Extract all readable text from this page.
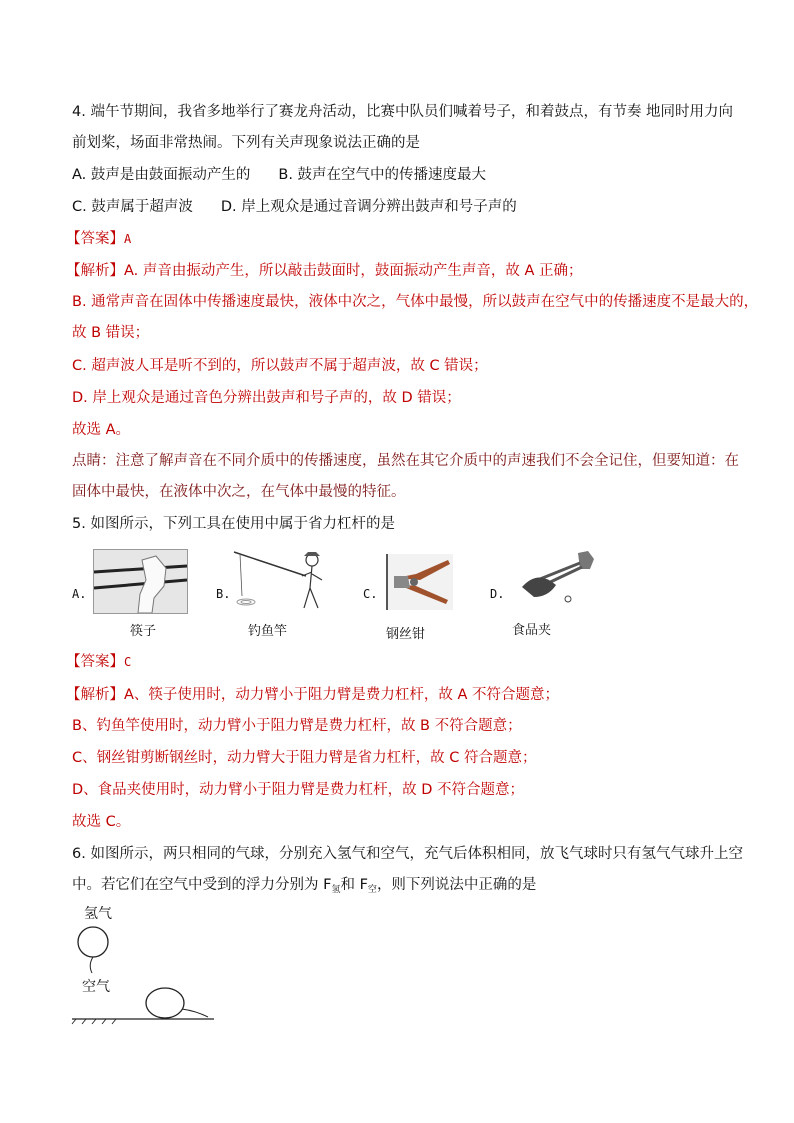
4. 端午节期间，我省多地举行了赛龙舟活动，比赛中队员们喊着号子，和着鼓点，有节奏 地同时用力向
前划桨，场面非常热闹。下列有关声现象说法正确的是
A. 鼓声是由鼓面振动产生的 B. 鼓声在空气中的传播速度最大
C. 鼓声属于超声波 D. 岸上观众是通过音调分辨出鼓声和号子声的
【答案】A
【解析】A. 声音由振动产生，所以敲击鼓面时，鼓面振动产生声音，故 A 正确；
B. 通常声音在固体中传播速度最快，液体中次之，气体中最慢，所以鼓声在空气中的传播速度不是最大的，
故 B 错误；
C. 超声波人耳是听不到的，所以鼓声不属于超声波，故 C 错误；
D. 岸上观众是通过音色分辨出鼓声和号子声的，故 D 错误；
故选 A。
点睛：注意了解声音在不同介质中的传播速度，虽然在其它介质中的声速我们不会全记住，但要知道：在
固体中最快，在液体中次之，在气体中最慢的特征。
5. 如图所示，下列工具在使用中属于省力杠杆的是
A.
筷子
B.
钓鱼竿
C.
钢丝钳
D.
食品夹
【答案】C
【解析】A、筷子使用时，动力臂小于阻力臂是费力杠杆，故 A 不符合题意；
B、钓鱼竿使用时，动力臂小于阻力臂是费力杠杆，故 B 不符合题意；
C、钢丝钳剪断钢丝时，动力臂大于阻力臂是省力杠杆，故 C 符合题意；
D、食品夹使用时，动力臂小于阻力臂是费力杠杆，故 D 不符合题意；
故选 C。
6. 如图所示，两只相同的气球，分别充入氢气和空气，充气后体积相同，放飞气球时只有氢气气球升上空
中。若它们在空气中受到的浮力分别为 $F_氢$和 $F_空$，则下列说法中正确的是
氢气
空气
